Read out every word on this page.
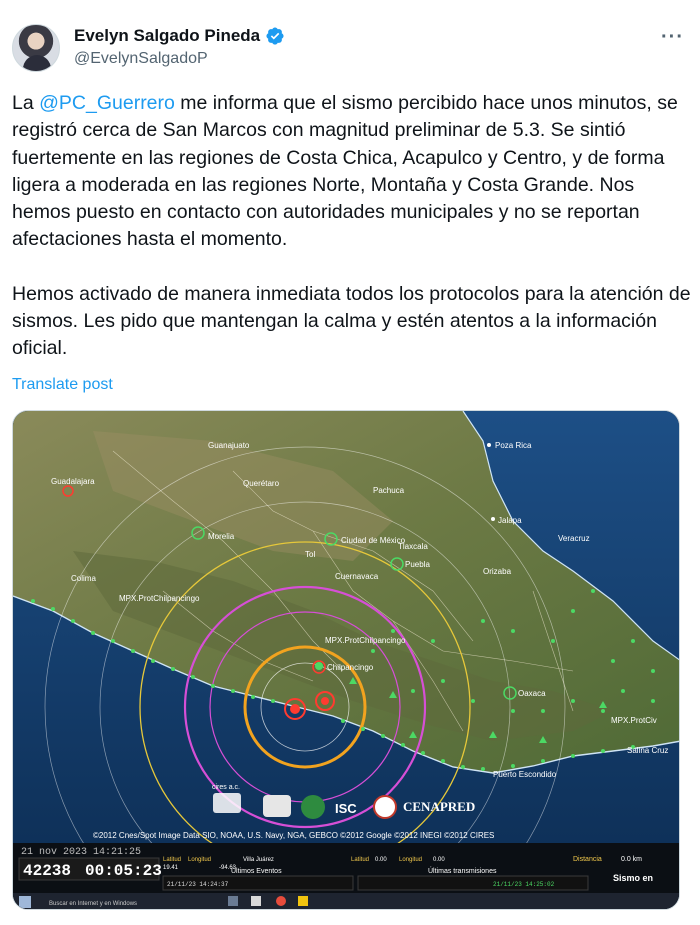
Evelyn Salgado Pineda
@EvelynSalgadoP
···

La @PC_Guerrero me informa que el sismo percibido hace unos minutos, se registró cerca de San Marcos con magnitud preliminar de 5.3. Se sintió fuertemente en las regiones de Costa Chica, Acapulco y Centro, y de forma ligera a moderada en las regiones Norte, Montaña y Costa Grande. Nos hemos puesto en contacto con autoridades municipales y no se reportan afectaciones hasta el momento.

Hemos activado de manera inmediata todos los protocolos para la atención de sismos. Les pido que mantengan la calma y estén atentos a la información oficial.

Translate post
Guanajuato
Querétaro
Pachuca
Poza Rica
Guadalajara
Jalapa
Veracruz
Morelia	Ciudad de México
Tlaxcala
Puebla
Tol
Cuernavaca
Orizaba
Colima
Chilpancingo
Oaxaca
Puerto Escondido
Salina Cruz
MPX.ProtChilpancingo
MPX.ProtChilpancingo
MPX.ProtCiv
cires a.c.
ISC	CENAPRED
©2012 Cnes/Spot Image Data SIO, NOAA, U.S. Navy, NGA, GEBCO ©2012 Google ©2012 INEGI ©2012 CIRES
21 nov 2023 14:21:25
42238 00:05:23
Latitud
19.41
Longitud
-94.63
Villa Juárez
Últimos Eventos
21/11/23 14:24:37
Latitud 0.00 Longitud 0.00
Últimas transmisiones
21/11/23 14:25:02
Distancia	0.0 km
Sismo en
Buscar en Internet y en Windows
